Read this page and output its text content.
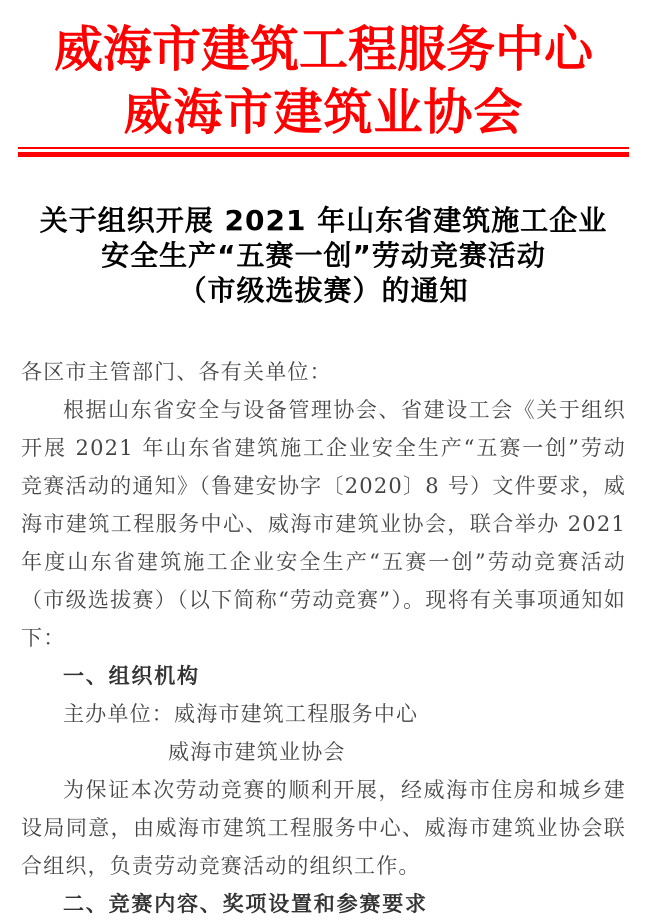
威海市建筑工程服务中心
威海市建筑业协会
关于组织开展 2021 年山东省建筑施工企业
安全生产“五赛一创”劳动竞赛活动
（市级选拔赛）的通知

各区市主管部门、各有关单位：

根据山东省安全与设备管理协会、省建设工会《关于组织开展 2021 年山东省建筑施工企业安全生产“五赛一创”劳动竞赛活动的通知》（鲁建安协字〔2020〕8 号）文件要求，威海市建筑工程服务中心、威海市建筑业协会，联合举办 2021 年度山东省建筑施工企业安全生产“五赛一创”劳动竞赛活动（市级选拔赛）（以下简称“劳动竞赛”）。现将有关事项通知如下：

一、组织机构

主办单位：威海市建筑工程服务中心

威海市建筑业协会

为保证本次劳动竞赛的顺利开展，经威海市住房和城乡建设局同意，由威海市建筑工程服务中心、威海市建筑业协会联合组织，负责劳动竞赛活动的组织工作。

二、竞赛内容、奖项设置和参赛要求
